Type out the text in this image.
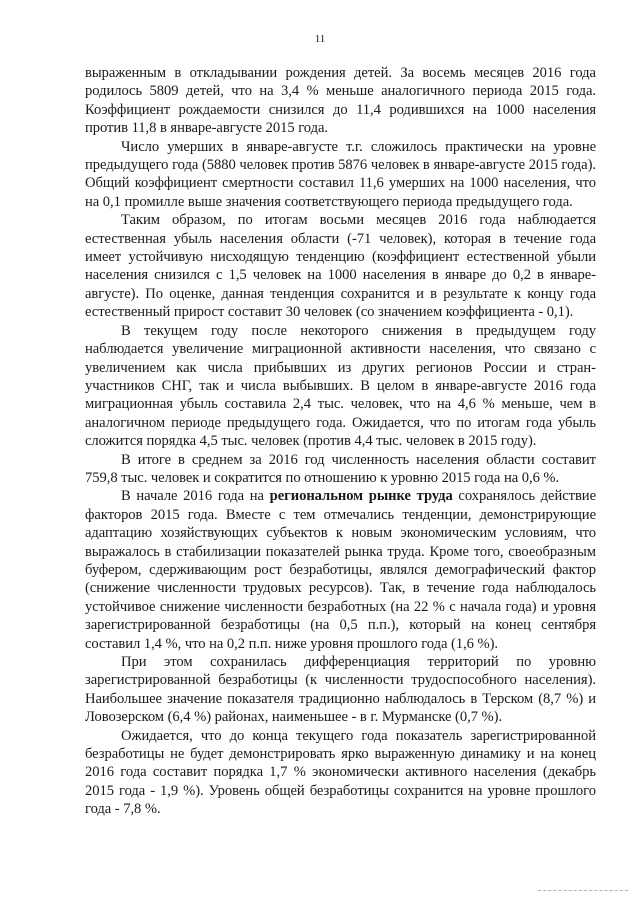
11

выраженным в откладывании рождения детей. За восемь месяцев 2016 года родилось 5809 детей, что на 3,4 % меньше аналогичного периода 2015 года. Коэффициент рождаемости снизился до 11,4 родившихся на 1000 населения против 11,8 в январе-августе 2015 года.

Число умерших в январе-августе т.г. сложилось практически на уровне предыдущего года (5880 человек против 5876 человек в январе-августе 2015 года). Общий коэффициент смертности составил 11,6 умерших на 1000 населения, что на 0,1 промилле выше значения соответствующего периода предыдущего года.

Таким образом, по итогам восьми месяцев 2016 года наблюдается естественная убыль населения области (-71 человек), которая в течение года имеет устойчивую нисходящую тенденцию (коэффициент естественной убыли населения снизился с 1,5 человек на 1000 населения в январе до 0,2 в январе-августе). По оценке, данная тенденция сохранится и в результате к концу года естественный прирост составит 30 человек (со значением коэффициента - 0,1).

В текущем году после некоторого снижения в предыдущем году наблюдается увеличение миграционной активности населения, что связано с увеличением как числа прибывших из других регионов России и стран-участников СНГ, так и числа выбывших. В целом в январе-августе 2016 года миграционная убыль составила 2,4 тыс. человек, что на 4,6 % меньше, чем в аналогичном периоде предыдущего года. Ожидается, что по итогам года убыль сложится порядка 4,5 тыс. человек (против 4,4 тыс. человек в 2015 году).

В итоге в среднем за 2016 год численность населения области составит 759,8 тыс. человек и сократится по отношению к уровню 2015 года на 0,6 %.

В начале 2016 года на региональном рынке труда сохранялось действие факторов 2015 года. Вместе с тем отмечались тенденции, демонстрирующие адаптацию хозяйствующих субъектов к новым экономическим условиям, что выражалось в стабилизации показателей рынка труда. Кроме того, своеобразным буфером, сдерживающим рост безработицы, являлся демографический фактор (снижение численности трудовых ресурсов). Так, в течение года наблюдалось устойчивое снижение численности безработных (на 22 % с начала года) и уровня зарегистрированной безработицы (на 0,5 п.п.), который на конец сентября составил 1,4 %, что на 0,2 п.п. ниже уровня прошлого года (1,6 %).

При этом сохранилась дифференциация территорий по уровню зарегистрированной безработицы (к численности трудоспособного населения). Наибольшее значение показателя традиционно наблюдалось в Терском (8,7 %) и Ловозерском (6,4 %) районах, наименьшее - в г. Мурманске (0,7 %).

Ожидается, что до конца текущего года показатель зарегистрированной безработицы не будет демонстрировать ярко выраженную динамику и на конец 2016 года составит порядка 1,7 % экономически активного населения (декабрь 2015 года - 1,9 %). Уровень общей безработицы сохранится на уровне прошлого года - 7,8 %.
